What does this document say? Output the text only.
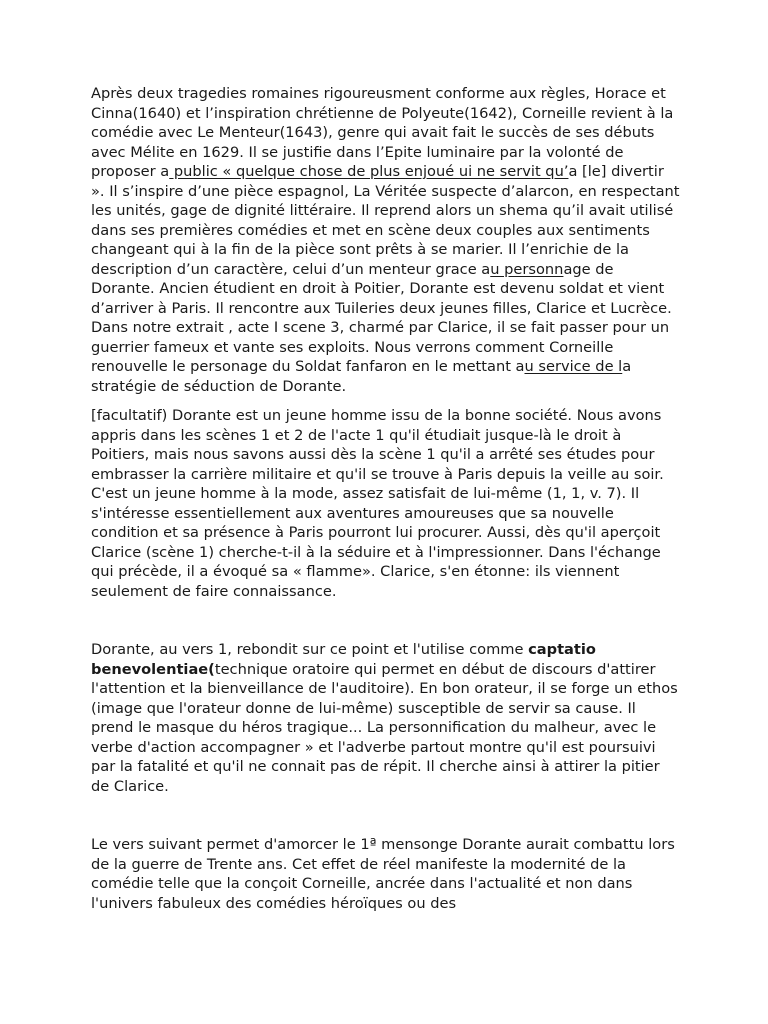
Après deux tragedies romaines rigoureusment conforme aux règles, Horace et Cinna(1640) et l’inspiration chrétienne de Polyeute(1642), Corneille revient à la comédie avec Le Menteur(1643), genre qui avait fait le succès de ses débuts avec Mélite en 1629. Il se justifie dans l’Epite luminaire par la volonté de proposer a public « quelque chose de plus enjoué ui ne servit qu’a [le] divertir ». Il s’inspire d’une pièce espagnol, La Véritée suspecte d’alarcon, en respectant les unités, gage de dignité littéraire. Il reprend alors un shema qu’il avait utilisé dans ses premières comédies et met en scène deux couples aux sentiments changeant qui à la fin de la pièce sont prêts à se marier. Il l’enrichie de la description d’un caractère, celui d’un menteur grace au personnage de Dorante. Ancien étudient en droit à Poitier, Dorante est devenu soldat et vient d’arriver à Paris. Il rencontre aux Tuileries deux jeunes filles, Clarice et Lucrèce. Dans notre extrait , acte I scene 3, charmé par Clarice, il se fait passer pour un guerrier fameux et vante ses exploits. Nous verrons comment Corneille renouvelle le personage du Soldat fanfaron en le mettant au service de la stratégie de séduction de Dorante.

[facultatif) Dorante est un jeune homme issu de la bonne société. Nous avons appris dans les scènes 1 et 2 de l'acte 1 qu'il étudiait jusque-là le droit à Poitiers, mais nous savons aussi dès la scène 1 qu'il a arrêté ses études pour embrasser la carrière militaire et qu'il se trouve à Paris depuis la veille au soir. C'est un jeune homme à la mode, assez satisfait de lui-même (1, 1, v. 7). Il s'intéresse essentiellement aux aventures amoureuses que sa nouvelle condition et sa présence à Paris pourront lui procurer. Aussi, dès qu'il aperçoit Clarice (scène 1) cherche-t-il à la séduire et à l'impressionner. Dans l'échange qui précède, il a évoqué sa « flamme». Clarice, s'en étonne: ils viennent seulement de faire connaissance.

Dorante, au vers 1, rebondit sur ce point et l'utilise comme captatio benevolentiae(technique oratoire qui permet en début de discours d'attirer l'attention et la bienveillance de l'auditoire). En bon orateur, il se forge un ethos (image que l'orateur donne de lui-même) susceptible de servir sa cause. Il prend le masque du héros tragique... La personnification du malheur, avec le verbe d'action accompagner » et l'adverbe partout montre qu'il est poursuivi par la fatalité et qu'il ne connait pas de répit. Il cherche ainsi à attirer la pitier de Clarice.

Le vers suivant permet d'amorcer le 1ª mensonge Dorante aurait combattu lors de la guerre de Trente ans. Cet effet de réel manifeste la modernité de la comédie telle que la conçoit Corneille, ancrée dans l'actualité et non dans l'univers fabuleux des comédies héroïques ou des
